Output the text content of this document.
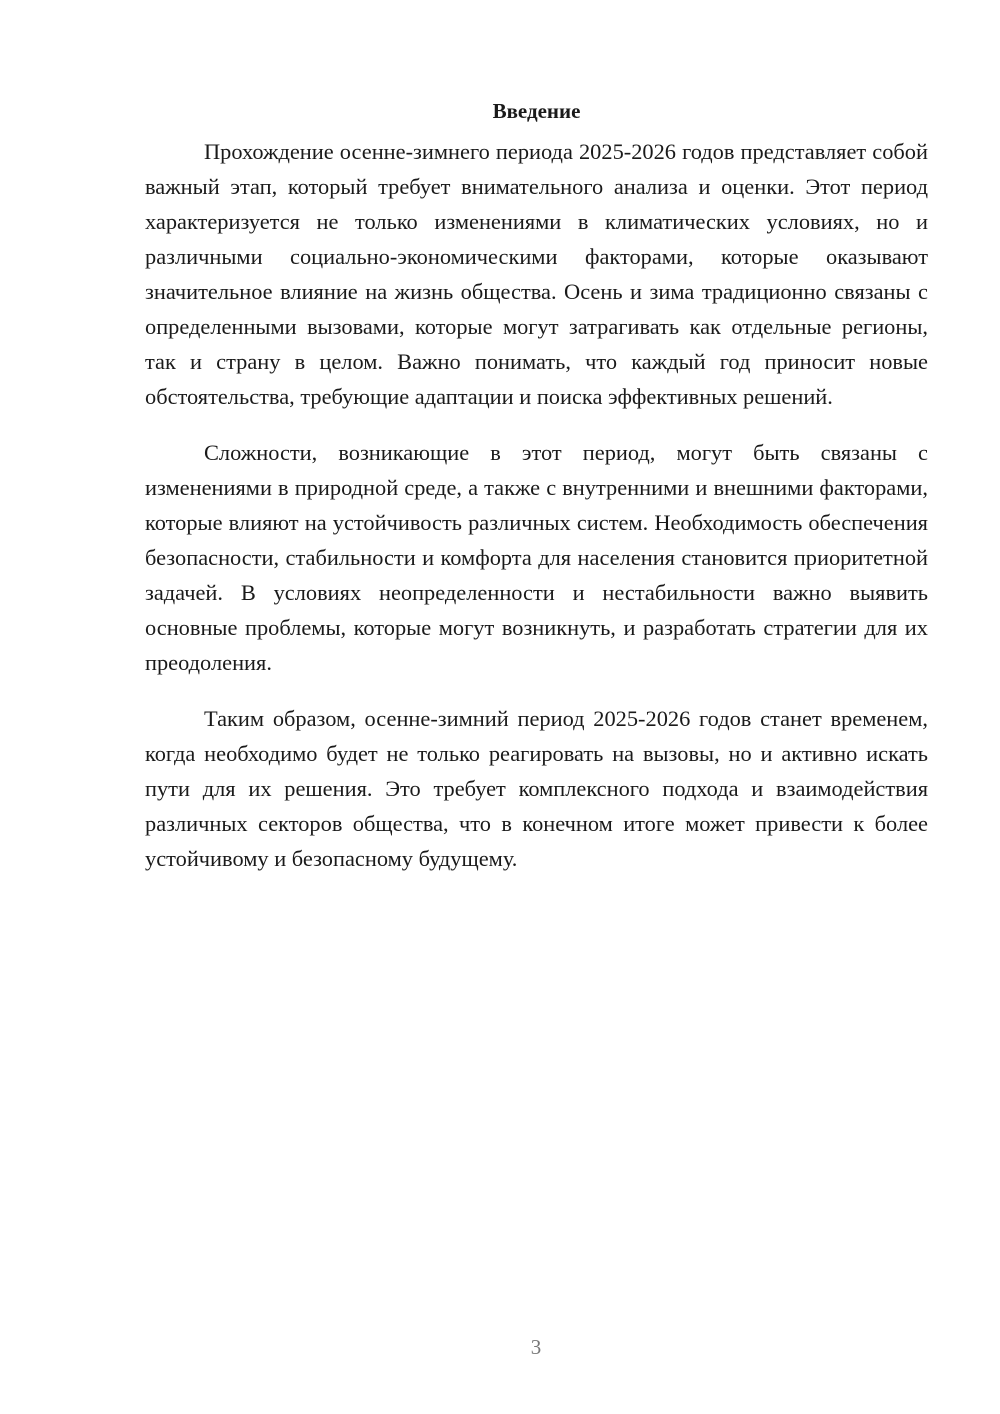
Введение

Прохождение осенне-зимнего периода 2025-2026 годов представляет собой важный этап, который требует внимательного анализа и оценки. Этот период характеризуется не только изменениями в климатических условиях, но и различными социально-экономическими факторами, которые оказывают значительное влияние на жизнь общества. Осень и зима традиционно связаны с определенными вызовами, которые могут затрагивать как отдельные регионы, так и страну в целом. Важно понимать, что каждый год приносит новые обстоятельства, требующие адаптации и поиска эффективных решений.

Сложности, возникающие в этот период, могут быть связаны с изменениями в природной среде, а также с внутренними и внешними факторами, которые влияют на устойчивость различных систем. Необходимость обеспечения безопасности, стабильности и комфорта для населения становится приоритетной задачей. В условиях неопределенности и нестабильности важно выявить основные проблемы, которые могут возникнуть, и разработать стратегии для их преодоления.

Таким образом, осенне-зимний период 2025-2026 годов станет временем, когда необходимо будет не только реагировать на вызовы, но и активно искать пути для их решения. Это требует комплексного подхода и взаимодействия различных секторов общества, что в конечном итоге может привести к более устойчивому и безопасному будущему.

3
